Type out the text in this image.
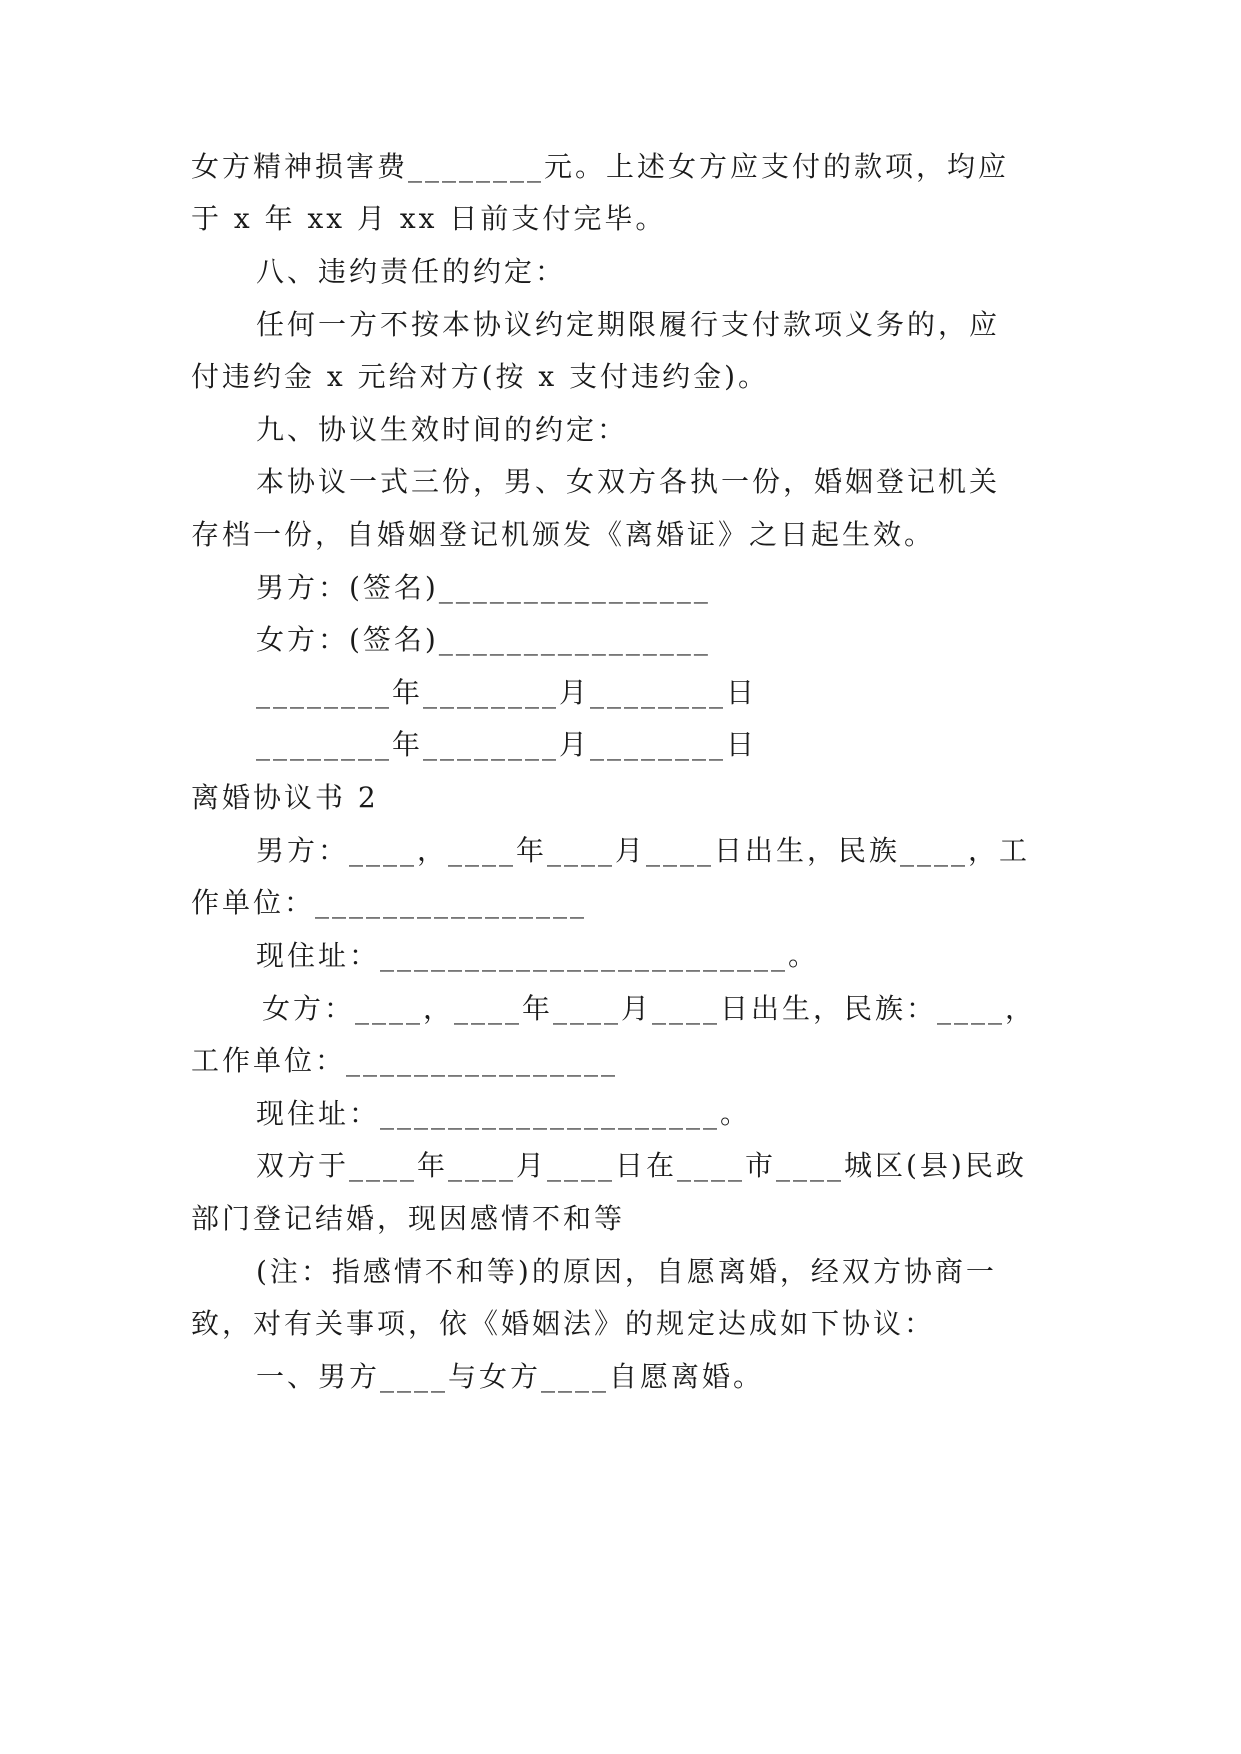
女方精神损害费________元。上述女方应支付的款项，均应
于 x 年 xx 月 xx 日前支付完毕。
八、违约责任的约定：
任何一方不按本协议约定期限履行支付款项义务的，应
付违约金 x 元给对方(按 x 支付违约金)。
九、协议生效时间的约定：
本协议一式三份，男、女双方各执一份，婚姻登记机关
存档一份，自婚姻登记机颁发《离婚证》之日起生效。
男方：(签名)________________
女方：(签名)________________
________年________月________日
________年________月________日
离婚协议书 2
男方：____，____年____月____日出生，民族____，工
作单位：________________
现住址：________________________。
女方：____，____年____月____日出生，民族：____，
工作单位：________________
现住址：____________________。
双方于____年____月____日在____市____城区(县)民政
部门登记结婚，现因感情不和等
(注：指感情不和等)的原因，自愿离婚，经双方协商一
致，对有关事项，依《婚姻法》的规定达成如下协议：
一、男方____与女方____自愿离婚。
